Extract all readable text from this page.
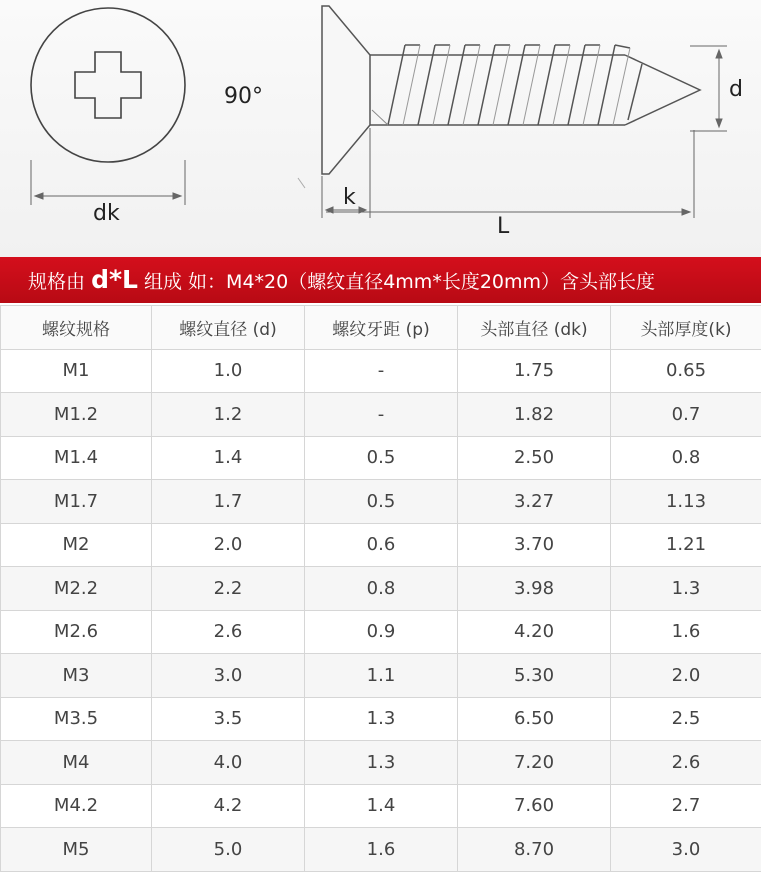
90°
dk
k
L
d
规格由 d*L 组成 如：M4*20（螺纹直径4mm*长度20mm）含头部长度
螺纹规格	螺纹直径 (d)	螺纹牙距 (p)	头部直径 (dk)	头部厚度(k)
M1	1.0	-	1.75	0.65
M1.2	1.2	-	1.82	0.7
M1.4	1.4	0.5	2.50	0.8
M1.7	1.7	0.5	3.27	1.13
M2	2.0	0.6	3.70	1.21
M2.2	2.2	0.8	3.98	1.3
M2.6	2.6	0.9	4.20	1.6
M3	3.0	1.1	5.30	2.0
M3.5	3.5	1.3	6.50	2.5
M4	4.0	1.3	7.20	2.6
M4.2	4.2	1.4	7.60	2.7
M5	5.0	1.6	8.70	3.0
